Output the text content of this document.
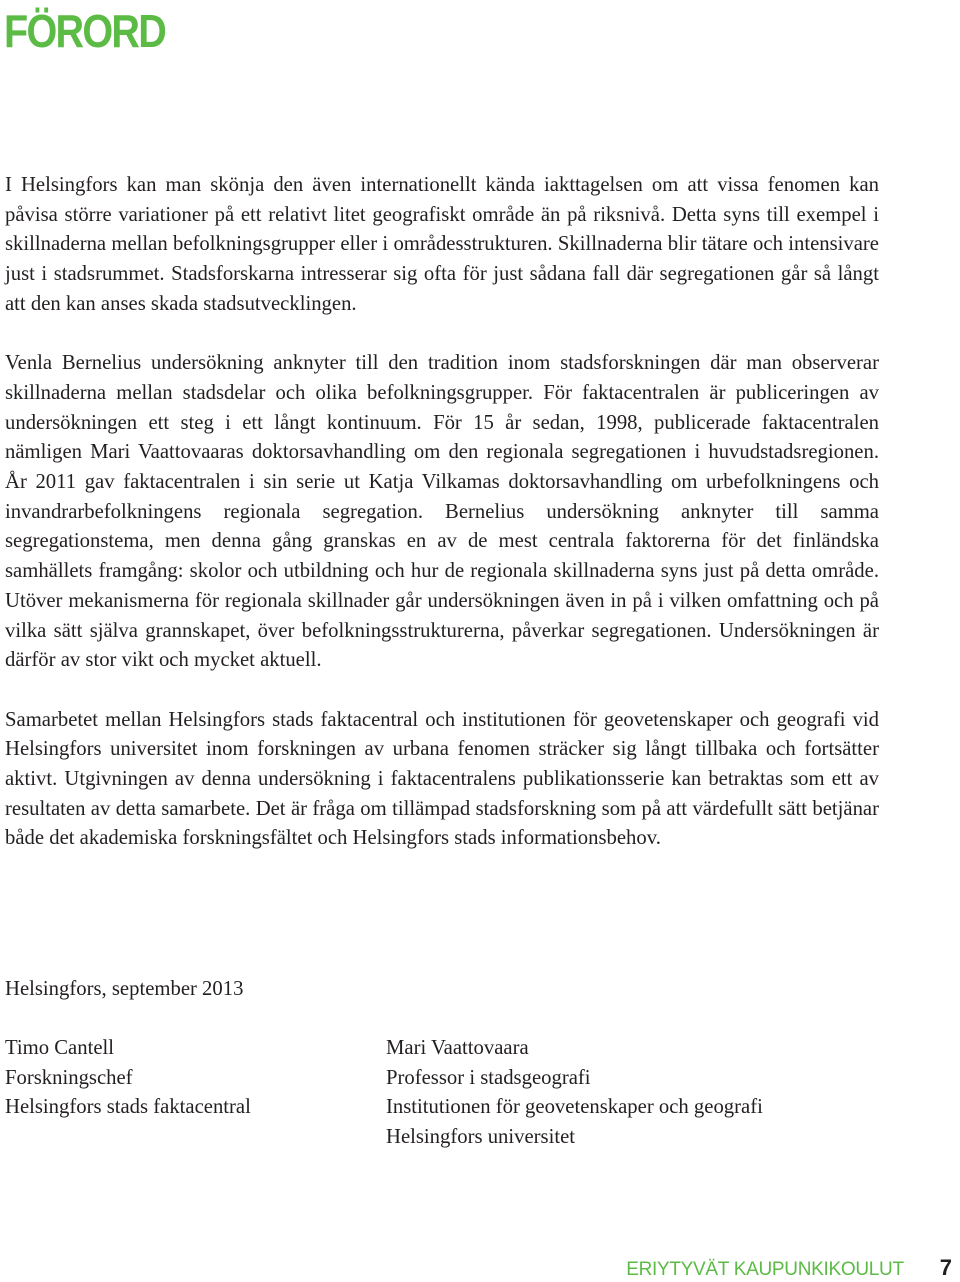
FÖRORD

I Helsingfors kan man skönja den även internationellt kända iakttagelsen om att vissa fenomen kan påvisa större variationer på ett relativt litet geografiskt område än på riksnivå. Detta syns till exempel i skillnaderna mellan befolkningsgrupper eller i områdesstrukturen. Skillnaderna blir tätare och intensivare just i stadsrummet. Stadsforskarna intresserar sig ofta för just sådana fall där segregationen går så långt att den kan anses skada stadsutvecklingen.

Venla Bernelius undersökning anknyter till den tradition inom stadsforskningen där man observerar skillnaderna mellan stadsdelar och olika befolkningsgrupper. För faktacentralen är publiceringen av undersökningen ett steg i ett långt kontinuum. För 15 år sedan, 1998, publicerade faktacentralen nämligen Mari Vaattovaaras doktorsavhandling om den regionala segregationen i huvudstadsregionen. År 2011 gav faktacentralen i sin serie ut Katja Vilkamas doktorsavhandling om urbefolkningens och invandrarbefolkningens regionala segregation. Bernelius undersökning anknyter till samma segregationstema, men denna gång granskas en av de mest centrala faktorerna för det finländska samhällets framgång: skolor och utbildning och hur de regionala skillnaderna syns just på detta område. Utöver mekanismerna för regionala skillnader går undersökningen även in på i vilken omfattning och på vilka sätt själva grannskapet, över befolkningsstrukturerna, påverkar segregationen. Undersökningen är därför av stor vikt och mycket aktuell.

Samarbetet mellan Helsingfors stads faktacentral och institutionen för geovetenskaper och geografi vid Helsingfors universitet inom forskningen av urbana fenomen sträcker sig långt tillbaka och fortsätter aktivt. Utgivningen av denna undersökning i faktacentralens publikationsserie kan betraktas som ett av resultaten av detta samarbete. Det är fråga om tillämpad stadsforskning som på att värdefullt sätt betjänar både det akademiska forskningsfältet och Helsingfors stads informationsbehov.

Helsingfors, september 2013

Timo Cantell
Forskningschef
Helsingfors stads faktacentral
Mari Vaattovaara
Professor i stadsgeografi
Institutionen för geovetenskaper och geografi
Helsingfors universitet
ERIYTYVÄT KAUPUNKIKOULUT 7
